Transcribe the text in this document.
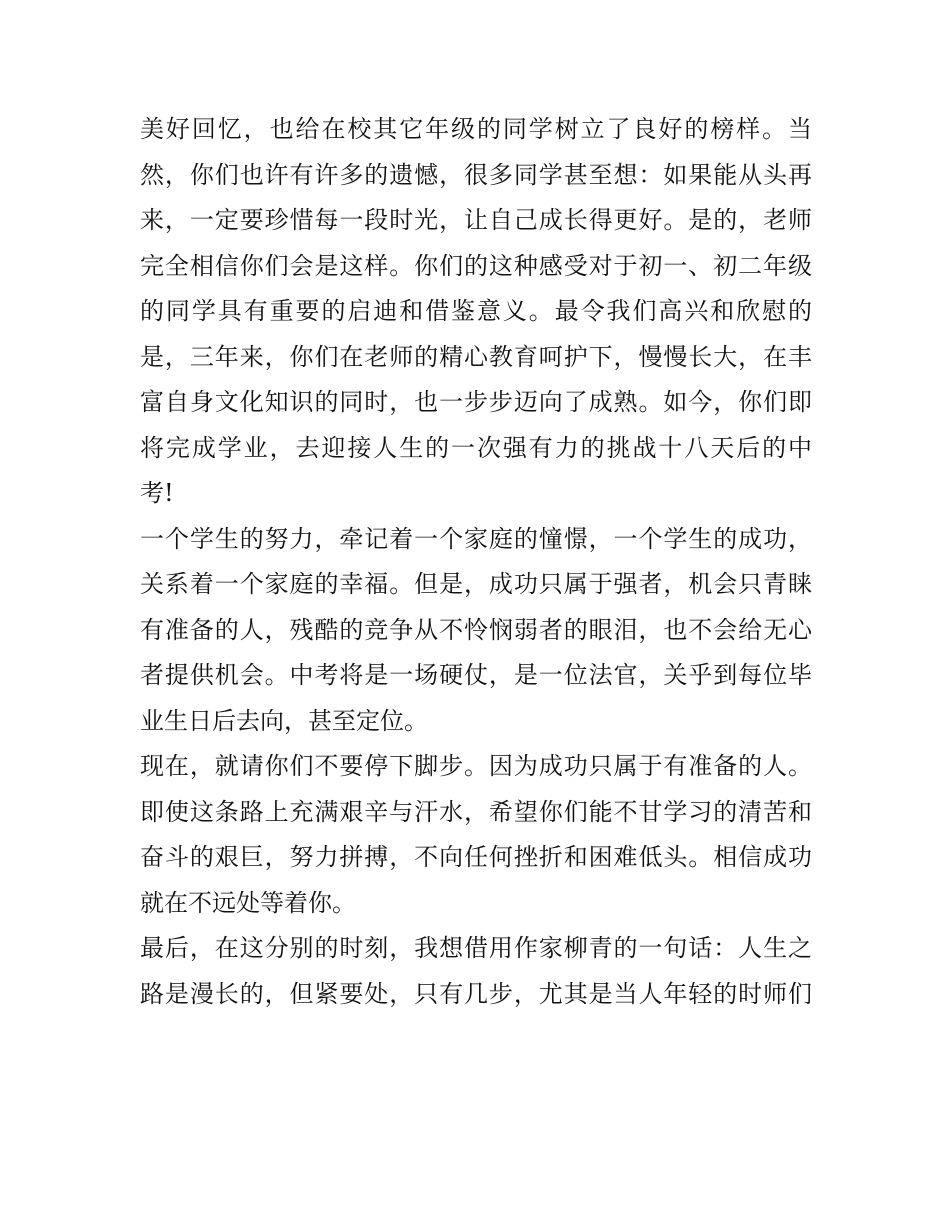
美好回忆，也给在校其它年级的同学树立了良好的榜样。当
然，你们也许有许多的遗憾，很多同学甚至想：如果能从头再
来，一定要珍惜每一段时光，让自己成长得更好。是的，老师
完全相信你们会是这样。你们的这种感受对于初一、初二年级
的同学具有重要的启迪和借鉴意义。最令我们高兴和欣慰的
是，三年来，你们在老师的精心教育呵护下，慢慢长大，在丰
富自身文化知识的同时，也一步步迈向了成熟。如今，你们即
将完成学业，去迎接人生的一次强有力的挑战十八天后的中
考!
一个学生的努力，牵记着一个家庭的憧憬，一个学生的成功，
关系着一个家庭的幸福。但是，成功只属于强者，机会只青睐
有准备的人，残酷的竞争从不怜悯弱者的眼泪，也不会给无心
者提供机会。中考将是一场硬仗，是一位法官，关乎到每位毕
业生日后去向，甚至定位。
现在，就请你们不要停下脚步。因为成功只属于有准备的人。
即使这条路上充满艰辛与汗水，希望你们能不甘学习的清苦和
奋斗的艰巨，努力拼搏，不向任何挫折和困难低头。相信成功
就在不远处等着你。
最后，在这分别的时刻，我想借用作家柳青的一句话：人生之
路是漫长的，但紧要处，只有几步，尤其是当人年轻的时师们
